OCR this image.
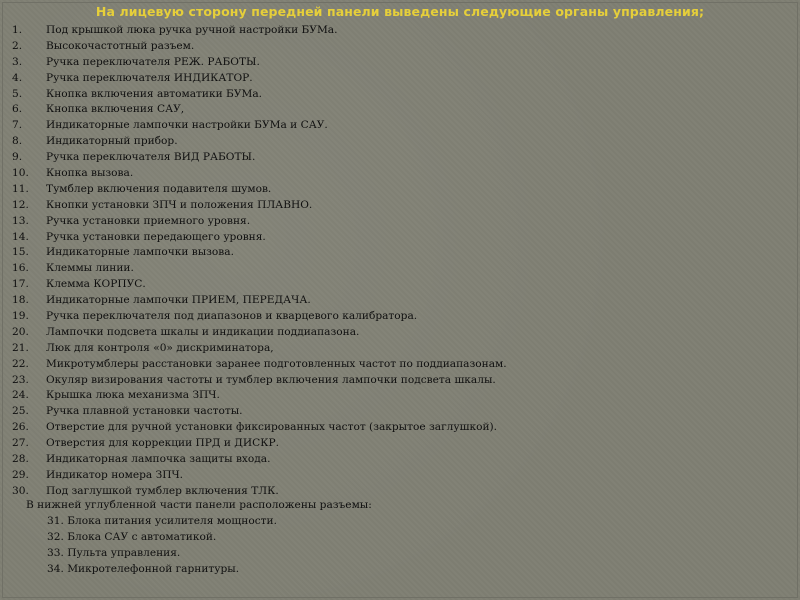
На лицевую сторону передней панели выведены следующие органы управления;
1.	Под крышкой люка ручка ручной настройки БУМа.
2.	Высокочастотный разъем.
3.	Ручка переключателя РЕЖ. РАБОТЫ.
4.	Ручка переключателя ИНДИКАТОР.
5.	Кнопка включения автоматики БУМа.
6.	Кнопка включения САУ,
7.	Индикаторные лампочки настройки БУМа и САУ.
8.	Индикаторный прибор.
9.	Ручка переключателя ВИД РАБОТЫ.
10.	Кнопка вызова.
11.	Тумблер включения подавителя шумов.
12.	Кнопки установки ЗПЧ и положения ПЛАВНО.
13.	Ручка установки приемного уровня.
14.	Ручка установки передающего уровня.
15.	Индикаторные лампочки вызова.
16.	Клеммы линии.
17.	Клемма КОРПУС.
18.	Индикаторные лампочки ПРИЕМ, ПЕРЕДАЧА.
19.	Ручка переключателя под диапазонов и кварцевого калибратора.
20.	Лампочки подсвета шкалы и индикации поддиапазона.
21.	Люк для контроля «0» дискриминатора,
22.	Микротумблеры расстановки заранее подготовленных частот по поддиапазонам.
23.	Окуляр визирования частоты и тумблер включения лампочки подсвета шкалы.
24.	Крышка люка механизма ЗПЧ.
25.	Ручка плавной установки частоты.
26.	Отверстие для ручной установки фиксированных частот (закрытое заглушкой).
27.	Отверстия для коррекции ПРД и ДИСКР.
28.	Индикаторная лампочка защиты входа.
29.	Индикатор номера ЗПЧ.
30.	Под заглушкой тумблер включения ТЛК.
В нижней углубленной части панели расположены разъемы:
31. Блока питания усилителя мощности.
32. Блока САУ с автоматикой.
33. Пульта управления.
34. Микротелефонной гарнитуры.
